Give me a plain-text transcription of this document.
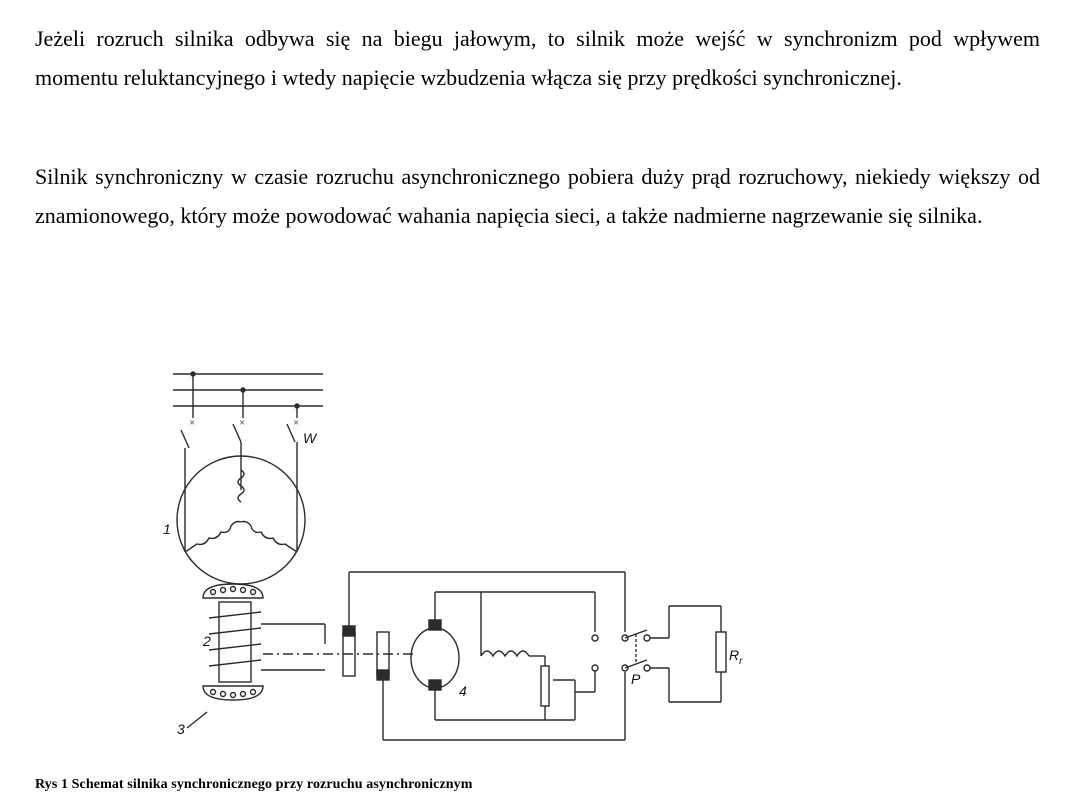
Jeżeli rozruch silnika odbywa się na biegu jałowym, to silnik może wejść w synchronizm pod wpływem momentu reluktancyjnego i wtedy napięcie wzbudzenia włącza się przy prędkości synchronicznej.

Silnik synchroniczny w czasie rozruchu asynchronicznego pobiera duży prąd rozruchowy, niekiedy większy od znamionowego, który może powodować wahania napięcia sieci, a także nadmierne nagrzewanie się silnika.

×	×	×
W
1
2
3
4
P
$R_r$
Rys 1 Schemat silnika synchronicznego przy rozruchu asynchronicznym
